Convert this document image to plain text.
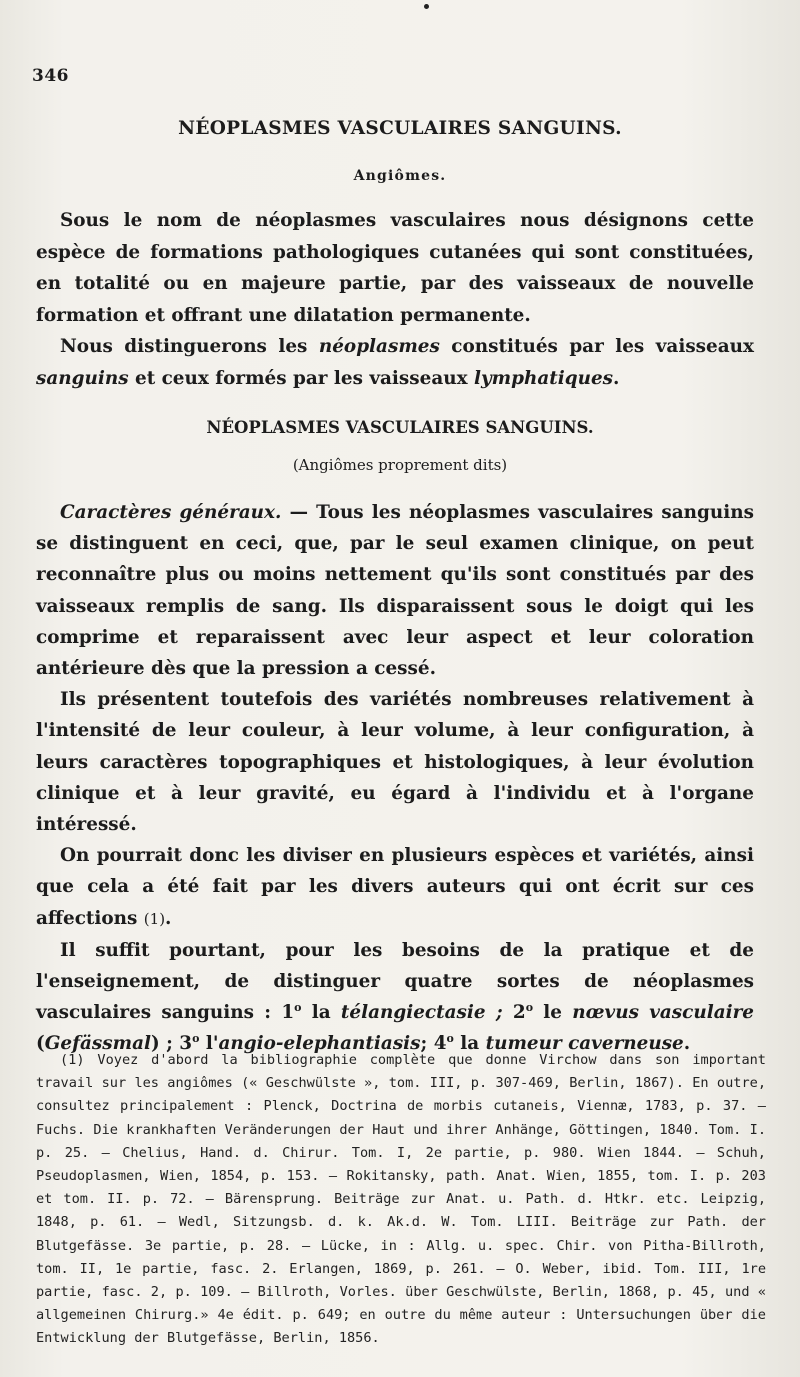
346
NÉOPLASMES VASCULAIRES SANGUINS.
Angiômes.

Sous le nom de néoplasmes vasculaires nous désignons cette espèce de formations pathologiques cutanées qui sont constituées, en totalité ou en majeure partie, par des vaisseaux de nouvelle formation et offrant une dilatation permanente.

Nous distinguerons les néoplasmes constitués par les vaisseaux sanguins et ceux formés par les vaisseaux lymphatiques.

NÉOPLASMES VASCULAIRES SANGUINS.
(Angiômes proprement dits)

Caractères généraux. — Tous les néoplasmes vasculaires sanguins se distinguent en ceci, que, par le seul examen clinique, on peut reconnaître plus ou moins nettement qu'ils sont constitués par des vaisseaux remplis de sang. Ils disparaissent sous le doigt qui les comprime et reparaissent avec leur aspect et leur coloration antérieure dès que la pression a cessé.

Ils présentent toutefois des variétés nombreuses relativement à l'intensité de leur couleur, à leur volume, à leur configuration, à leurs caractères topographiques et histologiques, à leur évolution clinique et à leur gravité, eu égard à l'individu et à l'organe intéressé.

On pourrait donc les diviser en plusieurs espèces et variétés, ainsi que cela a été fait par les divers auteurs qui ont écrit sur ces affections (1).

Il suffit pourtant, pour les besoins de la pratique et de l'enseignement, de distinguer quatre sortes de néoplasmes vasculaires sanguins : 1$^o$ la télangiectasie ; 2$^o$ le nœvus vasculaire (Gefässmal) ; 3$^o$ l'angio-elephantiasis; 4$^o$ la tumeur caverneuse.

(1) Voyez d'abord la bibliographie complète que donne Virchow dans son important travail sur les angiômes (« Geschwülste », tom. III, p. 307-469, Berlin, 1867). En outre, consultez principalement : Plenck, Doctrina de morbis cutaneis, Viennæ, 1783, p. 37. — Fuchs. Die krankhaften Veränderungen der Haut und ihrer Anhänge, Göttingen, 1840. Tom. I. p. 25. — Chelius, Hand. d. Chirur. Tom. I, 2e partie, p. 980. Wien 1844. — Schuh, Pseudoplasmen, Wien, 1854, p. 153. — Rokitansky, path. Anat. Wien, 1855, tom. I. p. 203 et tom. II. p. 72. — Bärensprung. Beiträge zur Anat. u. Path. d. Htkr. etc. Leipzig, 1848, p. 61. — Wedl, Sitzungsb. d. k. Ak.d. W. Tom. LIII. Beiträge zur Path. der Blutgefässe. 3e partie, p. 28. — Lücke, in : Allg. u. spec. Chir. von Pitha-Billroth, tom. II, 1e partie, fasc. 2. Erlangen, 1869, p. 261. — O. Weber, ibid. Tom. III, 1re partie, fasc. 2, p. 109. — Billroth, Vorles. über Geschwülste, Berlin, 1868, p. 45, und « allgemeinen Chirurg.» 4e édit. p. 649; en outre du même auteur : Untersuchungen über die Entwicklung der Blutgefässe, Berlin, 1856.
